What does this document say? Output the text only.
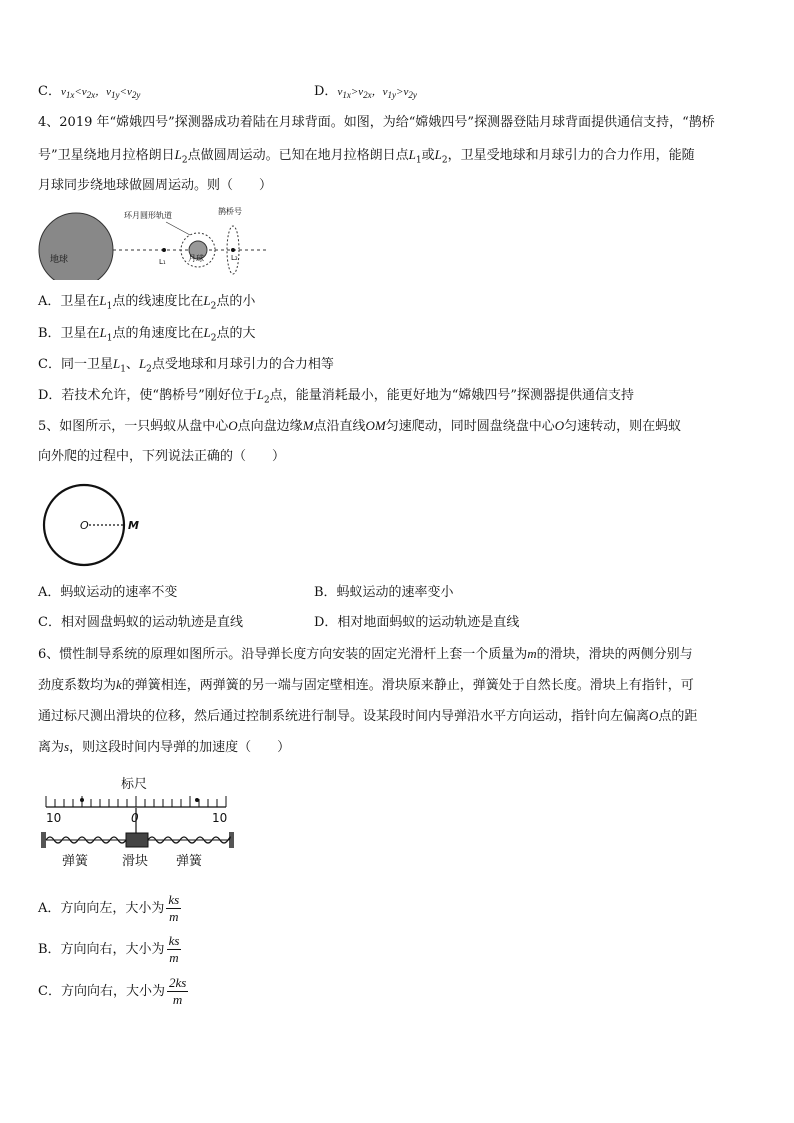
C．$v_{1x}<v_{2x}$，$v_{1y}<v_{2y}$	D．$v_{1x}>v_{2x}$，$v_{1y}>v_{2y}$
4、2019 年“嫦娥四号”探测器成功着陆在月球背面。如图，为给“嫦娥四号”探测器登陆月球背面提供通信支持，“鹊桥
号”卫星绕地月拉格朗日$L_2$点做圆周运动。已知在地月拉格朗日点$L_1$或$L_2$，卫星受地球和月球引力的合力作用，能随
月球同步绕地球做圆周运动。则（　　）
地球	L₁	月球
环月圆形轨道
L₂
鹊桥号
A．卫星在$L_1$点的线速度比在$L_2$点的小
B．卫星在$L_1$点的角速度比在$L_2$点的大
C．同一卫星$L_1$、$L_2$点受地球和月球引力的合力相等
D．若技术允许，使“鹊桥号”刚好位于$L_2$点，能量消耗最小，能更好地为“嫦娥四号”探测器提供通信支持
5、如图所示，一只蚂蚁从盘中心O点向盘边缘M点沿直线OM匀速爬动，同时圆盘绕盘中心O匀速转动，则在蚂蚁
向外爬的过程中，下列说法正确的（　　）
O	M
A．蚂蚁运动的速率不变	B．蚂蚁运动的速率变小
C．相对圆盘蚂蚁的运动轨迹是直线	D．相对地面蚂蚁的运动轨迹是直线
6、惯性制导系统的原理如图所示。沿导弹长度方向安装的固定光滑杆上套一个质量为m的滑块，滑块的两侧分别与
劲度系数均为k的弹簧相连，两弹簧的另一端与固定壁相连。滑块原来静止，弹簧处于自然长度。滑块上有指针，可
通过标尺测出滑块的位移，然后通过控制系统进行制导。设某段时间内导弹沿水平方向运动，指针向左偏离O点的距
离为s，则这段时间内导弹的加速度（　　）
标尺
10	10
0
弹簧	滑块 弹簧
A．方向向左，大小为 $\frac{ks}{m}$
B．方向向右，大小为 $\frac{ks}{m}$
C．方向向右，大小为 $\frac{2ks}{m}$
